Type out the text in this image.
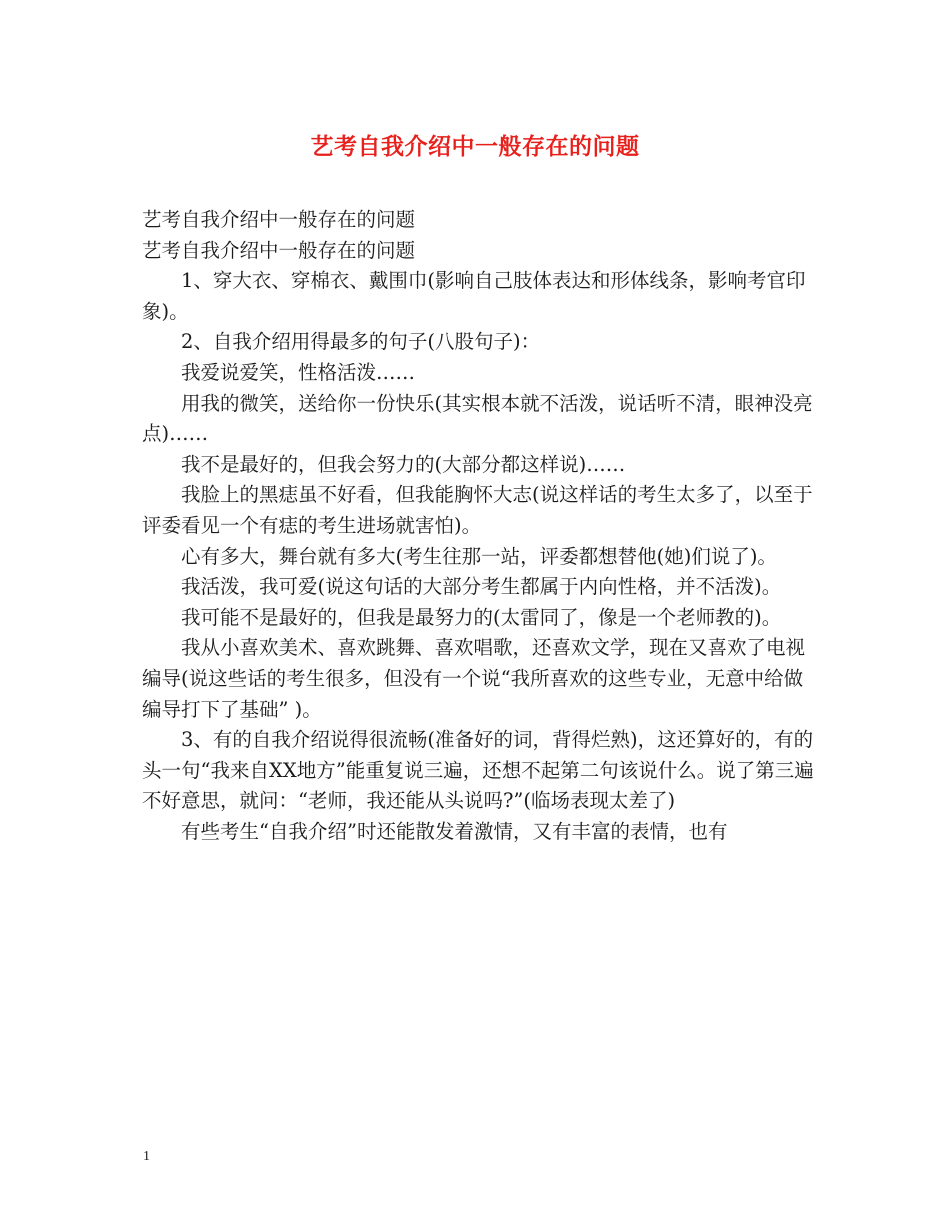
艺考自我介绍中一般存在的问题

艺考自我介绍中一般存在的问题

艺考自我介绍中一般存在的问题

1、穿大衣、穿棉衣、戴围巾(影响自己肢体表达和形体线条，影响考官印象)。

2、自我介绍用得最多的句子(八股句子)：

我爱说爱笑，性格活泼……

用我的微笑，送给你一份快乐(其实根本就不活泼，说话听不清，眼神没亮点)……

我不是最好的，但我会努力的(大部分都这样说)……

我脸上的黑痣虽不好看，但我能胸怀大志(说这样话的考生太多了，以至于评委看见一个有痣的考生进场就害怕)。

心有多大，舞台就有多大(考生往那一站，评委都想替他(她)们说了)。

我活泼，我可爱(说这句话的大部分考生都属于内向性格，并不活泼)。

我可能不是最好的，但我是最努力的(太雷同了，像是一个老师教的)。

我从小喜欢美术、喜欢跳舞、喜欢唱歌，还喜欢文学，现在又喜欢了电视编导(说这些话的考生很多，但没有一个说“我所喜欢的这些专业，无意中给做编导打下了基础” )。

3、有的自我介绍说得很流畅(准备好的词，背得烂熟)，这还算好的，有的头一句“我来自XX地方”能重复说三遍，还想不起第二句该说什么。说了第三遍不好意思，就问：“老师，我还能从头说吗?”(临场表现太差了)

有些考生“自我介绍”时还能散发着激情，又有丰富的表情，也有

1
